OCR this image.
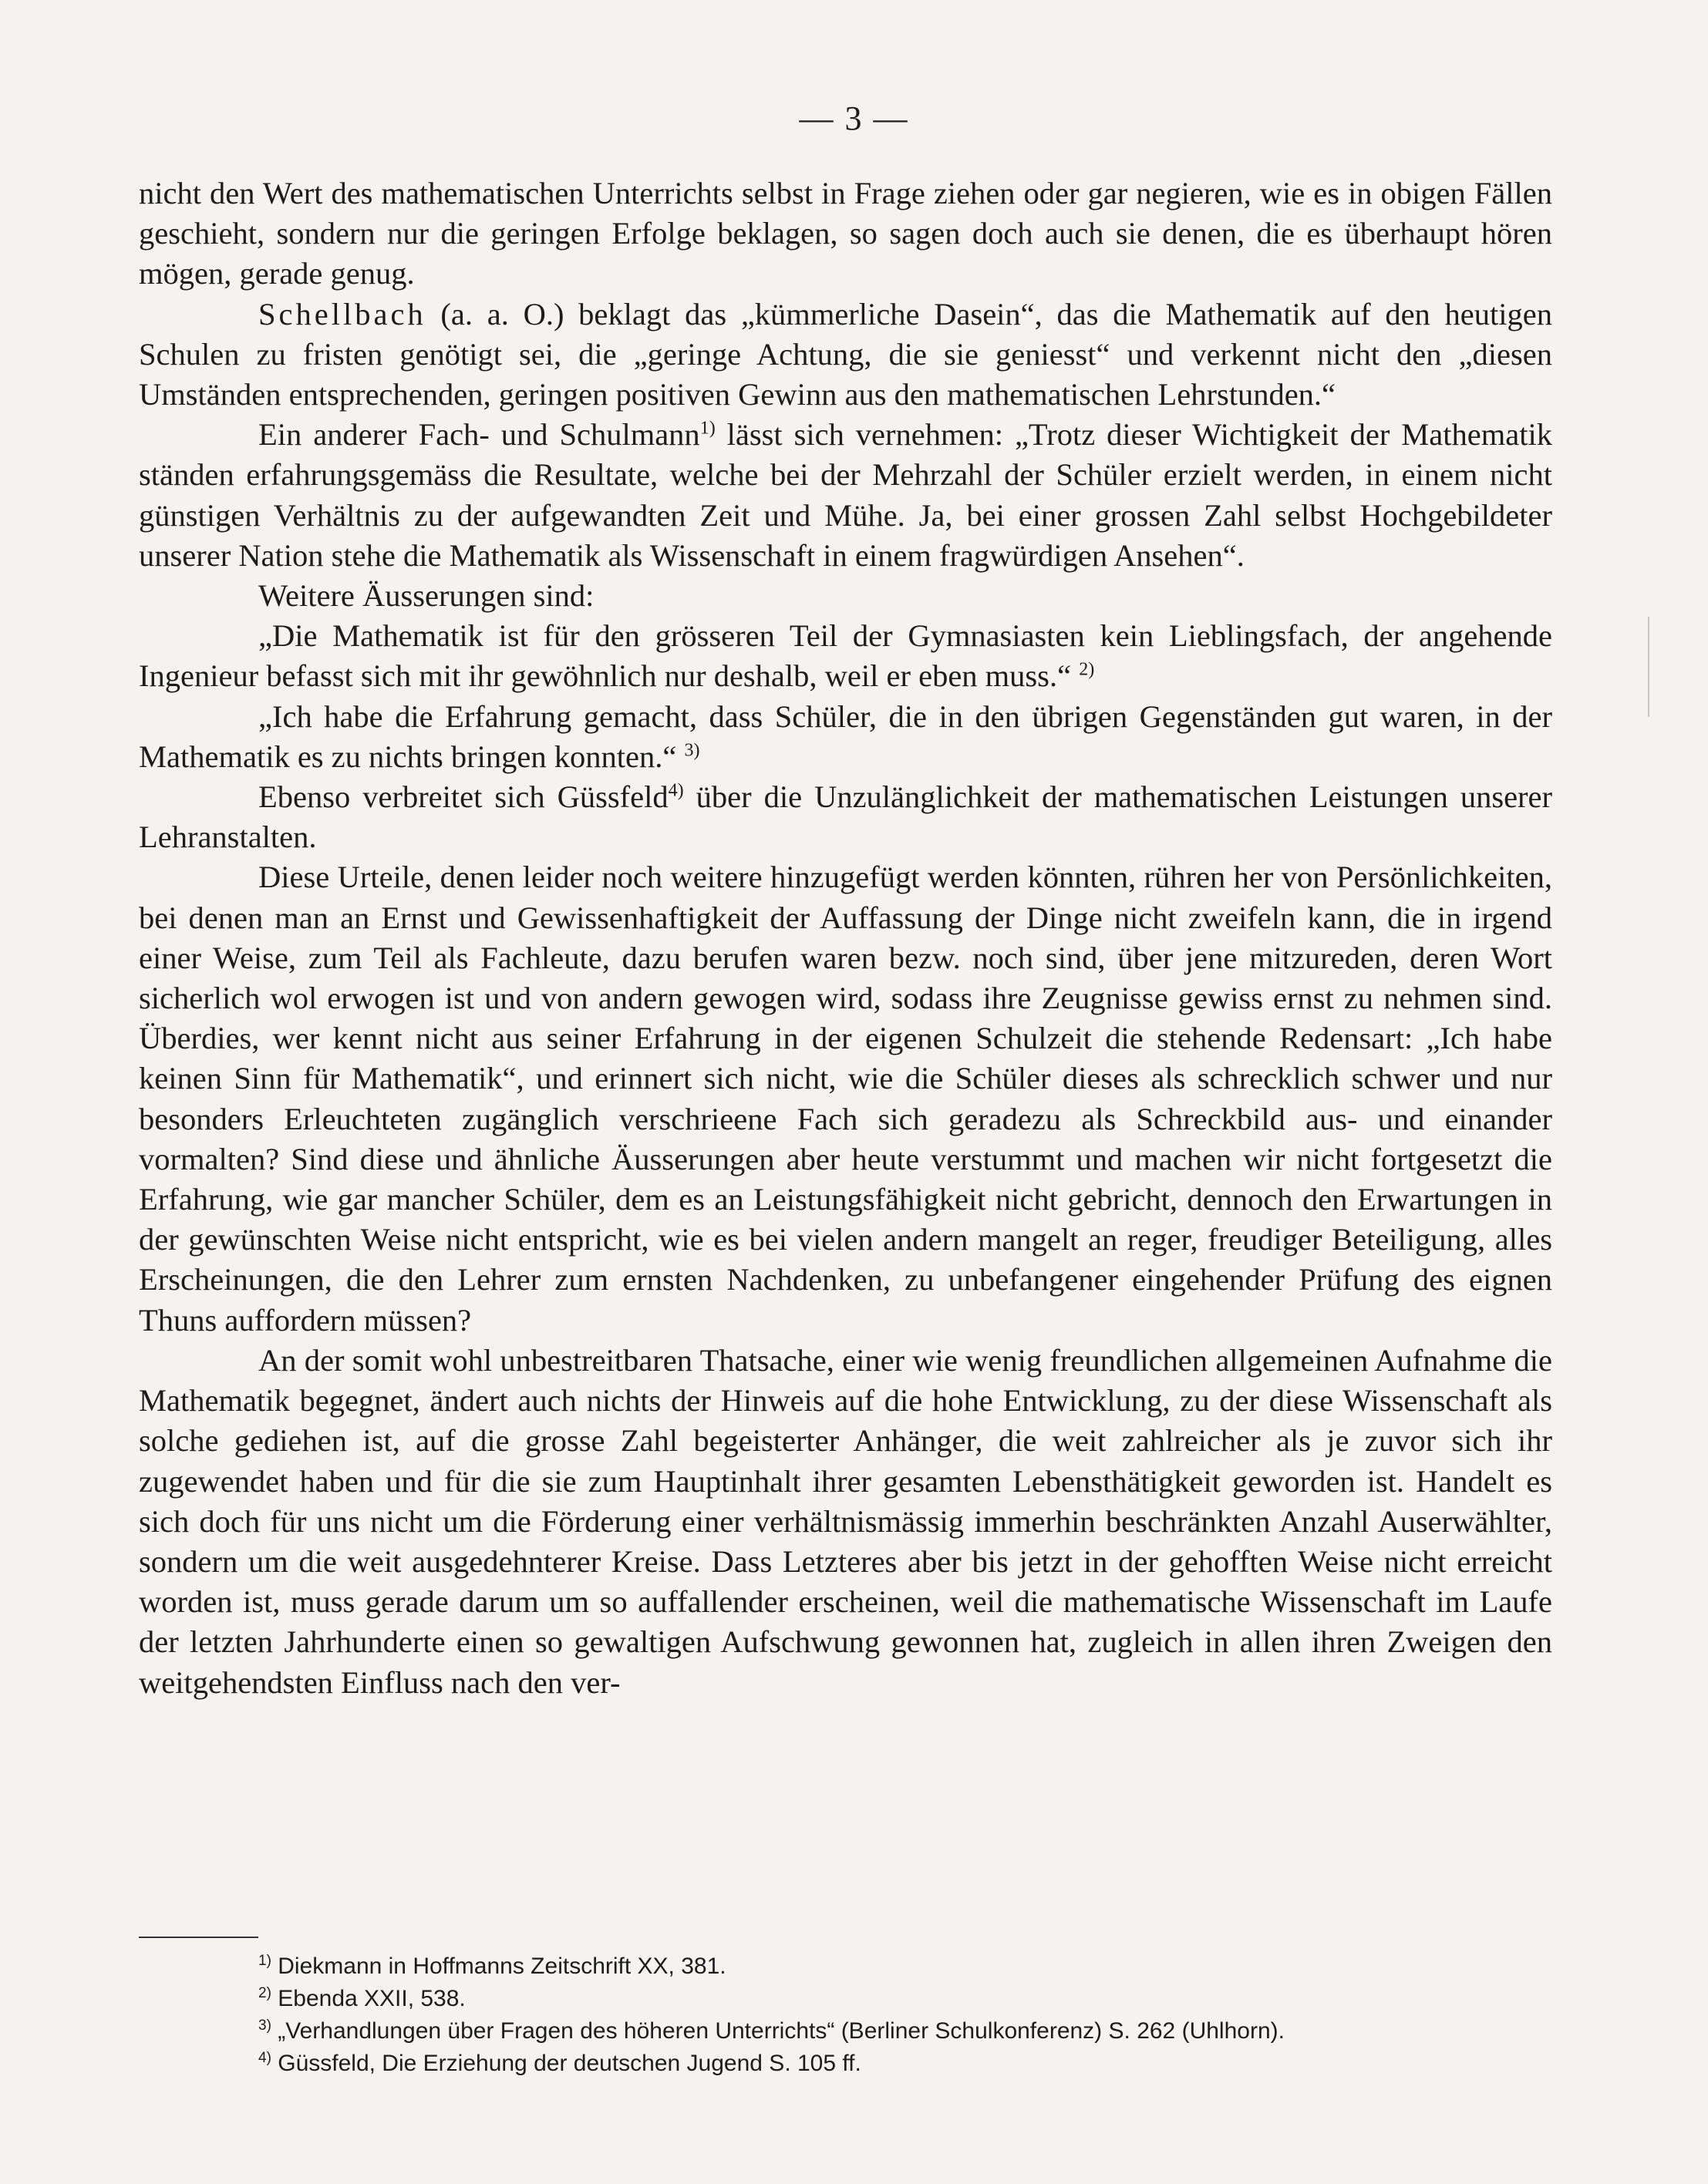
— 3 —

nicht den Wert des mathematischen Unterrichts selbst in Frage ziehen oder gar negieren, wie es in obigen Fällen geschieht, sondern nur die geringen Erfolge beklagen, so sagen doch auch sie denen, die es überhaupt hören mögen, gerade genug.

Schellbach (a. a. O.) beklagt das „kümmerliche Dasein“, das die Mathematik auf den heutigen Schulen zu fristen genötigt sei, die „geringe Achtung, die sie geniesst“ und verkennt nicht den „diesen Umständen entsprechenden, geringen positiven Gewinn aus den mathematischen Lehrstunden.“

Ein anderer Fach- und Schulmann$^{1)}$ lässt sich vernehmen: „Trotz dieser Wichtigkeit der Mathematik ständen erfahrungsgemäss die Resultate, welche bei der Mehrzahl der Schüler erzielt werden, in einem nicht günstigen Verhältnis zu der aufgewandten Zeit und Mühe. Ja, bei einer grossen Zahl selbst Hochgebildeter unserer Nation stehe die Mathematik als Wissenschaft in einem fragwürdigen Ansehen“.

Weitere Äusserungen sind:

„Die Mathematik ist für den grösseren Teil der Gymnasiasten kein Lieblingsfach, der angehende Ingenieur befasst sich mit ihr gewöhnlich nur deshalb, weil er eben muss.“ $^{2)}$

„Ich habe die Erfahrung gemacht, dass Schüler, die in den übrigen Gegenständen gut waren, in der Mathematik es zu nichts bringen konnten.“ $^{3)}$

Ebenso verbreitet sich Güssfeld$^{4)}$ über die Unzulänglichkeit der mathematischen Leistungen unserer Lehranstalten.

Diese Urteile, denen leider noch weitere hinzugefügt werden könnten, rühren her von Persönlichkeiten, bei denen man an Ernst und Gewissenhaftigkeit der Auffassung der Dinge nicht zweifeln kann, die in irgend einer Weise, zum Teil als Fachleute, dazu berufen waren bezw. noch sind, über jene mitzureden, deren Wort sicherlich wol erwogen ist und von andern gewogen wird, sodass ihre Zeugnisse gewiss ernst zu nehmen sind. Überdies, wer kennt nicht aus seiner Erfahrung in der eigenen Schulzeit die stehende Redensart: „Ich habe keinen Sinn für Mathematik“, und erinnert sich nicht, wie die Schüler dieses als schrecklich schwer und nur besonders Erleuchteten zugänglich verschrieene Fach sich geradezu als Schreckbild aus- und einander vormalten? Sind diese und ähnliche Äusserungen aber heute verstummt und machen wir nicht fortgesetzt die Erfahrung, wie gar mancher Schüler, dem es an Leistungsfähigkeit nicht gebricht, dennoch den Erwartungen in der gewünschten Weise nicht entspricht, wie es bei vielen andern mangelt an reger, freudiger Beteiligung, alles Erscheinungen, die den Lehrer zum ernsten Nachdenken, zu unbefangener eingehender Prüfung des eignen Thuns auffordern müssen?

An der somit wohl unbestreitbaren Thatsache, einer wie wenig freundlichen allgemeinen Aufnahme die Mathematik begegnet, ändert auch nichts der Hinweis auf die hohe Entwicklung, zu der diese Wissenschaft als solche gediehen ist, auf die grosse Zahl begeisterter Anhänger, die weit zahlreicher als je zuvor sich ihr zugewendet haben und für die sie zum Hauptinhalt ihrer gesamten Lebensthätigkeit geworden ist. Handelt es sich doch für uns nicht um die Förderung einer verhältnismässig immerhin beschränkten Anzahl Auserwählter, sondern um die weit ausgedehnterer Kreise. Dass Letzteres aber bis jetzt in der gehofften Weise nicht erreicht worden ist, muss gerade darum um so auffallender erscheinen, weil die mathematische Wissenschaft im Laufe der letzten Jahrhunderte einen so gewaltigen Aufschwung gewonnen hat, zugleich in allen ihren Zweigen den weitgehendsten Einfluss nach den ver-

$^{1)}$ Diekmann in Hoffmanns Zeitschrift XX, 381.
$^{2)}$ Ebenda XXII, 538.
$^{3)}$ „Verhandlungen über Fragen des höheren Unterrichts“ (Berliner Schulkonferenz) S. 262 (Uhlhorn).
$^{4)}$ Güssfeld, Die Erziehung der deutschen Jugend S. 105 ff.
